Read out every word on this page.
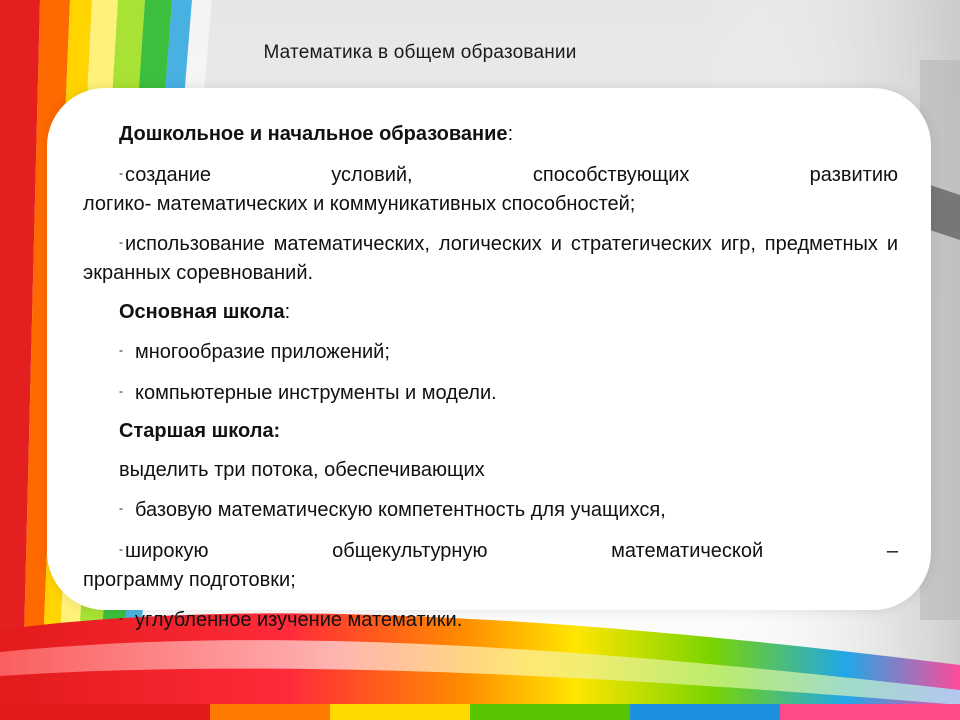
Математика в общем образовании

Дошкольное и начальное образование:

- создание условий, способствующих развитию

логико- математических и коммуникативных способностей;

- использование математических, логических и стратегических игр, предметных и экранных соревнований.

Основная школа:

- многообразие приложений;

- компьютерные инструменты и модели.

Старшая школа:

выделить три потока, обеспечивающих

- базовую математическую компетентность для учащихся,

- широкую общекультурную математической –

программу подготовки;

- углубленное изучение математики.
